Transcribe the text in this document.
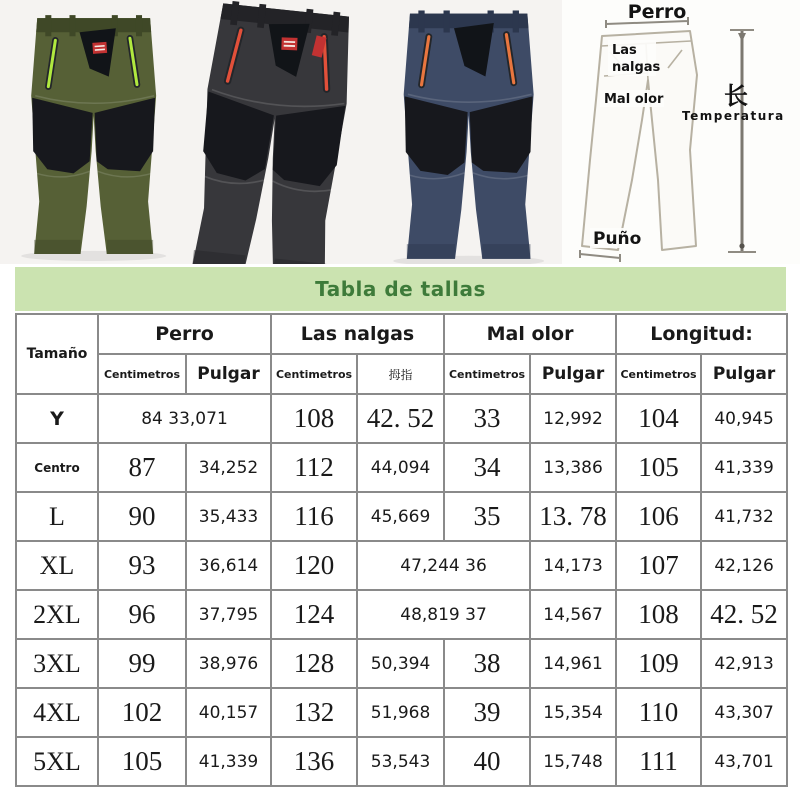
Perro
Las
nalgas
Mal olor	长
Temperatura
Puño
Tabla de tallas
Tamaño	Perro		Las nalgas		Mal olor		Longitud:	
	Centimetros	Pulgar	Centimetros	拇指	Centimetros	Pulgar	Centimetros	Pulgar
Y	84 33,071		108	42. 52	33	12,992	104	40,945
Centro	87	34,252	112	44,094	34	13,386	105	41,339
L	90	35,433	116	45,669	35	13. 78	106	41,732
XL	93	36,614	120	47,244 36		14,173	107	42,126
2XL	96	37,795	124	48,819 37		14,567	108	42. 52
3XL	99	38,976	128	50,394	38	14,961	109	42,913
4XL	102	40,157	132	51,968	39	15,354	110	43,307
5XL	105	41,339	136	53,543	40	15,748	111	43,701
